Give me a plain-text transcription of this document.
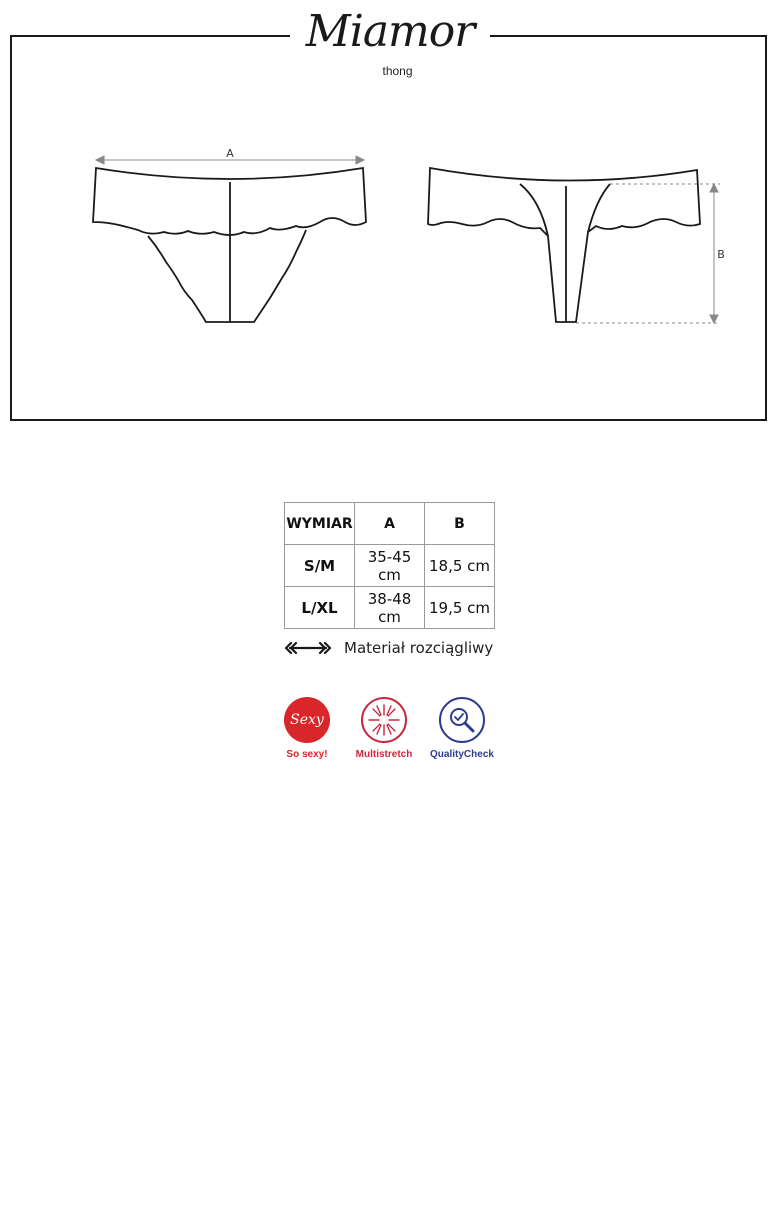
Miamor
thong
A
B
WYMIAR	A	B
S/M	35-45 cm	18,5 cm
L/XL	38-48 cm	19,5 cm
Materiał rozciągliwy
Sexy
So sexy!	Multistretch	QualityCheck
